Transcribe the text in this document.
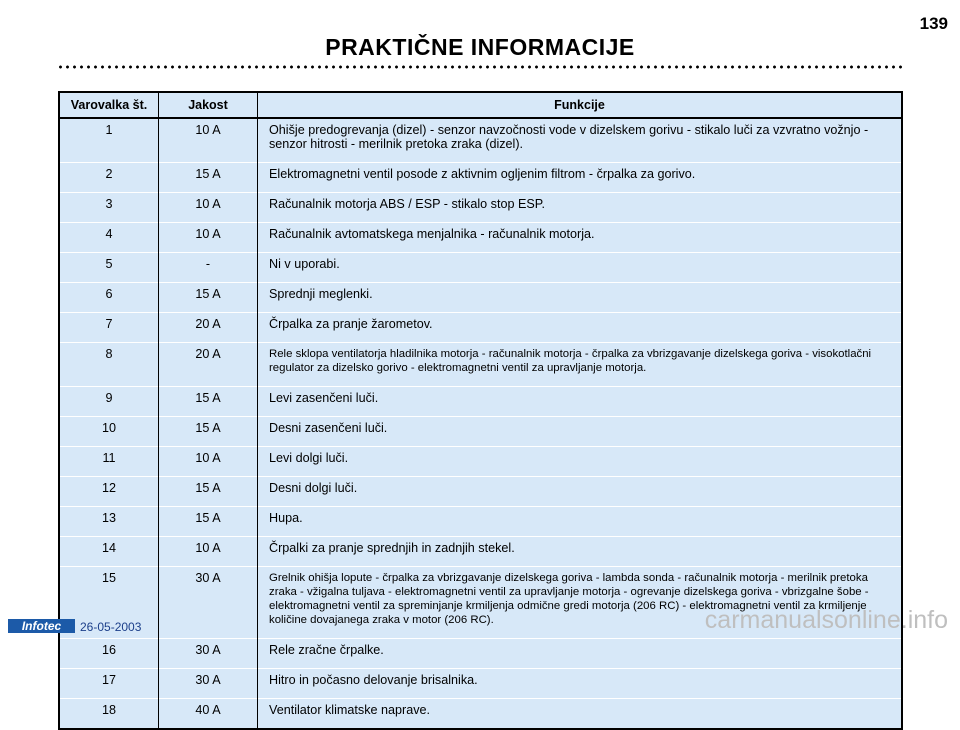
139
PRAKTIČNE INFORMACIJE
Varovalka št.	Jakost	Funkcije
1	10 A	Ohišje predogrevanja (dizel) - senzor navzočnosti vode v dizelskem gorivu - stikalo luči za vzvratno vožnjo - senzor hitrosti - merilnik pretoka zraka (dizel).
2	15 A	Elektromagnetni ventil posode z aktivnim ogljenim filtrom - črpalka za gorivo.
3	10 A	Računalnik motorja ABS / ESP - stikalo stop ESP.
4	10 A	Računalnik avtomatskega menjalnika - računalnik motorja.
5	-	Ni v uporabi.
6	15 A	Sprednji meglenki.
7	20 A	Črpalka za pranje žarometov.
8	20 A	Rele sklopa ventilatorja hladilnika motorja - računalnik motorja - črpalka za vbrizgavanje dizelskega goriva - visokotlačni regulator za dizelsko gorivo - elektromagnetni ventil za upravljanje motorja.
9	15 A	Levi zasenčeni luči.
10	15 A	Desni zasenčeni luči.
11	10 A	Levi dolgi luči.
12	15 A	Desni dolgi luči.
13	15 A	Hupa.
14	10 A	Črpalki za pranje sprednjih in zadnjih stekel.
15	30 A	Grelnik ohišja lopute - črpalka za vbrizgavanje dizelskega goriva - lambda sonda - računalnik motorja - merilnik pretoka zraka - vžigalna tuljava - elektromagnetni ventil za upravljanje motorja - ogrevanje dizelskega goriva - vbrizgalne šobe - elektromagnetni ventil za spreminjanje krmiljenja odmične gredi motorja (206 RC) - elektromagnetni ventil za krmiljenje količine dovajanega zraka v motor (206 RC).
16	30 A	Rele zračne črpalke.
17	30 A	Hitro in počasno delovanje brisalnika.
18	40 A	Ventilator klimatske naprave.
Infotec	26-05-2003	carmanualsonline.info
